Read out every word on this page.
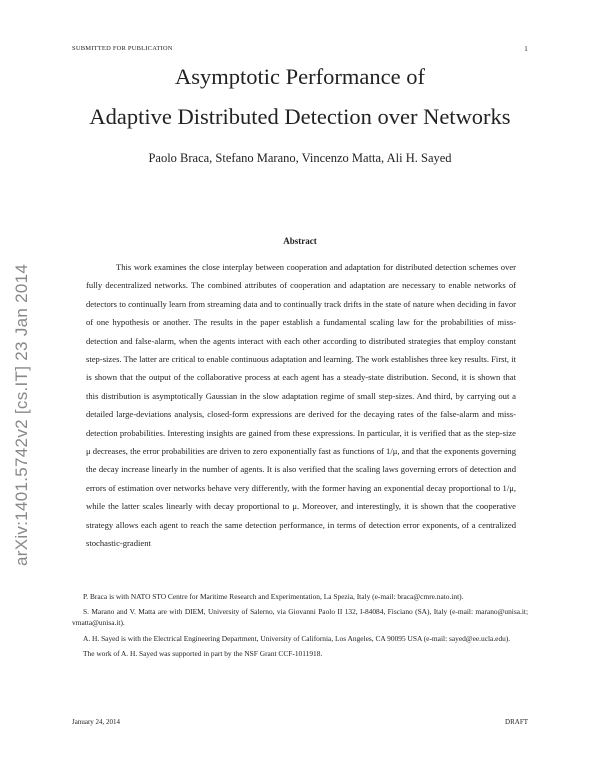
SUBMITTED FOR PUBLICATION	1
arXiv:1401.5742v2 [cs.IT] 23 Jan 2014
Asymptotic Performance of
Adaptive Distributed Detection over Networks
Paolo Braca, Stefano Marano, Vincenzo Matta, Ali H. Sayed
Abstract

This work examines the close interplay between cooperation and adaptation for distributed detection schemes over fully decentralized networks. The combined attributes of cooperation and adaptation are necessary to enable networks of detectors to continually learn from streaming data and to continually track drifts in the state of nature when deciding in favor of one hypothesis or another. The results in the paper establish a fundamental scaling law for the probabilities of miss-detection and false-alarm, when the agents interact with each other according to distributed strategies that employ constant step-sizes. The latter are critical to enable continuous adaptation and learning. The work establishes three key results. First, it is shown that the output of the collaborative process at each agent has a steady-state distribution. Second, it is shown that this distribution is asymptotically Gaussian in the slow adaptation regime of small step-sizes. And third, by carrying out a detailed large-deviations analysis, closed-form expressions are derived for the decaying rates of the false-alarm and miss-detection probabilities. Interesting insights are gained from these expressions. In particular, it is verified that as the step-size μ decreases, the error probabilities are driven to zero exponentially fast as functions of 1/μ, and that the exponents governing the decay increase linearly in the number of agents. It is also verified that the scaling laws governing errors of detection and errors of estimation over networks behave very differently, with the former having an exponential decay proportional to 1/μ, while the latter scales linearly with decay proportional to μ. Moreover, and interestingly, it is shown that the cooperative strategy allows each agent to reach the same detection performance, in terms of detection error exponents, of a centralized stochastic-gradient

P. Braca is with NATO STO Centre for Maritime Research and Experimentation, La Spezia, Italy (e-mail: braca@cmre.nato.int).

S. Marano and V. Matta are with DIEM, University of Salerno, via Giovanni Paolo II 132, I-84084, Fisciano (SA), Italy (e-mail: marano@unisa.it; vmatta@unisa.it).

A. H. Sayed is with the Electrical Engineering Department, University of California, Los Angeles, CA 90095 USA (e-mail: sayed@ee.ucla.edu).

The work of A. H. Sayed was supported in part by the NSF Grant CCF-1011918.

January 24, 2014	DRAFT
